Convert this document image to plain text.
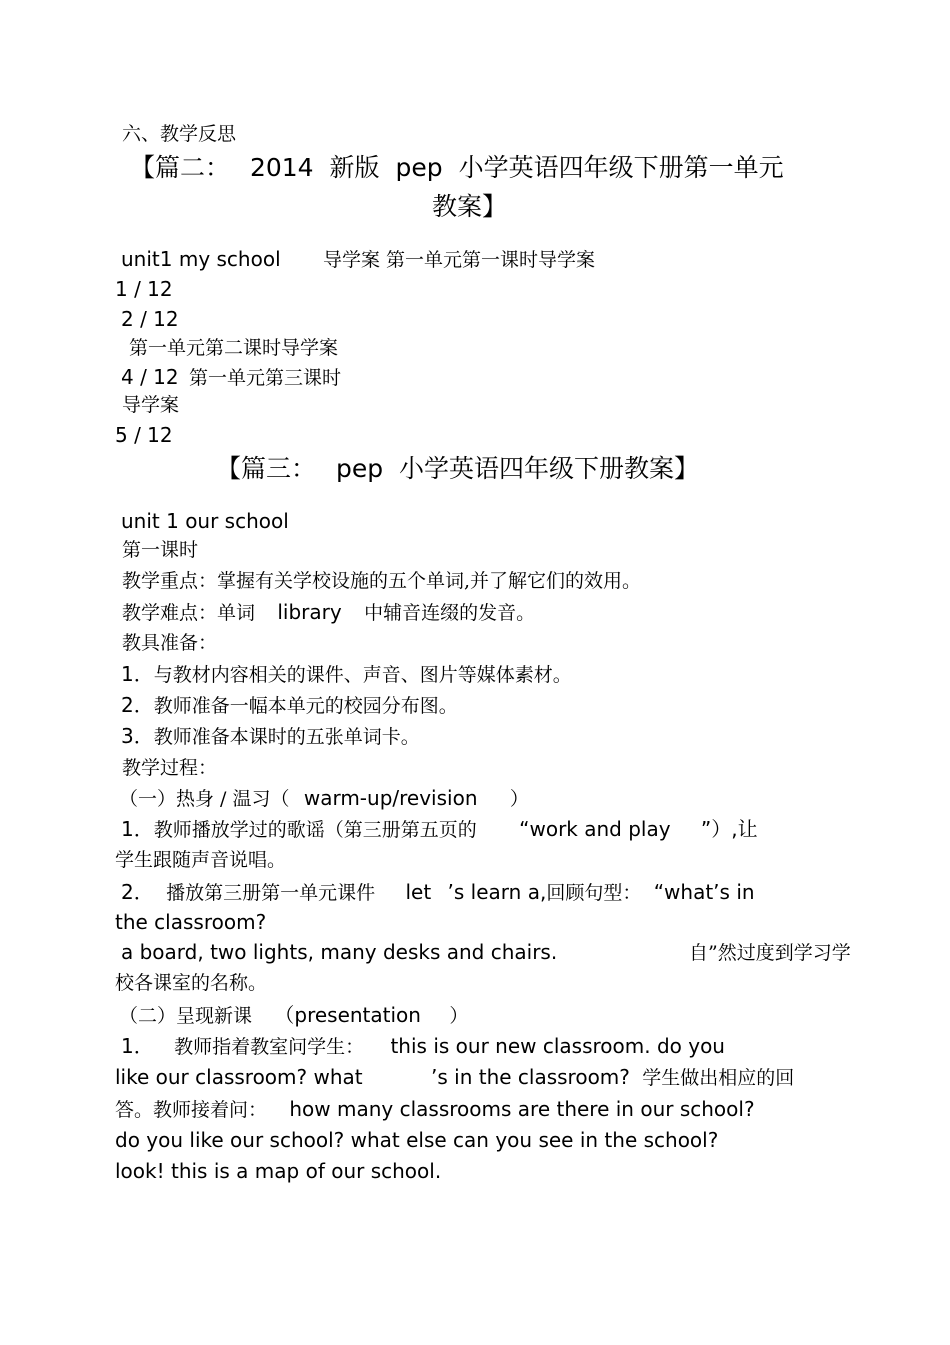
六、教学反思
【篇二： 2014 新版 pep 小学英语四年级下册第一单元
教案】
unit1 my school 导学案 第一单元第一课时导学案
1 / 12
2 / 12
第一单元第二课时导学案
4 / 12 第一单元第三课时
导学案
5 / 12
【篇三： pep 小学英语四年级下册教案】
unit 1 our school
第一课时
教学重点：掌握有关学校设施的五个单词,并了解它们的效用。
教学难点：单词 library 中辅音连缀的发音。
教具准备：
1．与教材内容相关的课件、声音、图片等媒体素材。
2．教师准备一幅本单元的校园分布图。
3．教师准备本课时的五张单词卡。
教学过程：
（一）热身 / 温习（ warm-up/revision ）
1．教师播放学过的歌谣（第三册第五页的 “work and play ”）,让
学生跟随声音说唱。
2． 播放第三册第一单元课件 let ’s learn a,回顾句型： “what’s in
the classroom?
a board, two lights, many desks and chairs.	自”然过度到学习学
校各课室的名称。
（二）呈现新课 （presentation ）
1． 教师指着教室问学生： this is our new classroom. do you
like our classroom? what	’s in the classroom? 学生做出相应的回
答。教师接着问： how many classrooms are there in our school?
do you like our school? what else can you see in the school?
look! this is a map of our school.
